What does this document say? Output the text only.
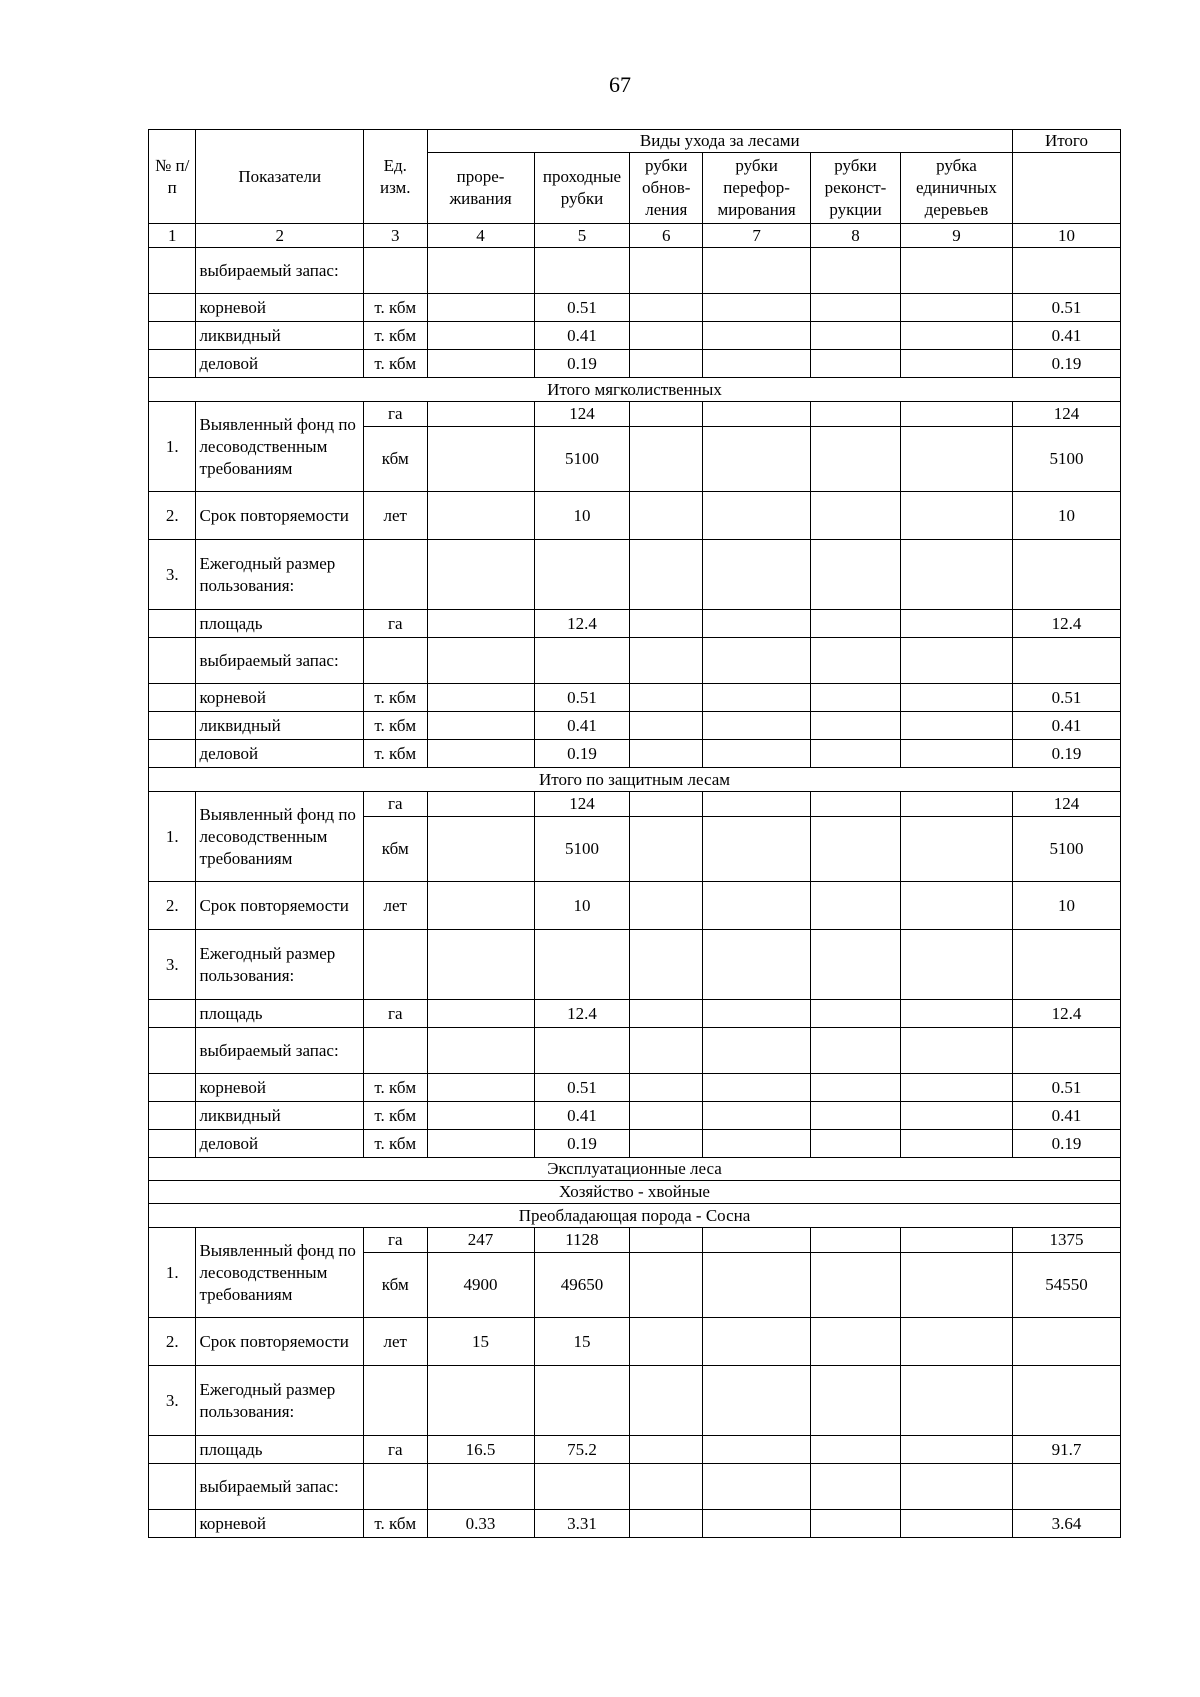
67
№ п/п	Показатели	Ед. изм.	Виды ухода за лесами						Итого
			проре- живания	проходные рубки	рубки обнов- ления	рубки перефор- мирования	рубки реконст- рукции	рубка единичных деревьев	
1	2	3	4	5	6	7	8	9	10
	выбираемый запас:								
	корневой	т. кбм		0.51					0.51
	ликвидный	т. кбм		0.41					0.41
	деловой	т. кбм		0.19					0.19
Итого мягколиственных									
1.	Выявленный фонд по лесоводственным требованиям	га		124					124
		кбм		5100					5100
2.	Срок повторяемости	лет		10					10
3.	Ежегодный размер пользования:								
	площадь	га		12.4					12.4
	выбираемый запас:								
	корневой	т. кбм		0.51					0.51
	ликвидный	т. кбм		0.41					0.41
	деловой	т. кбм		0.19					0.19
Итого по защитным лесам									
1.	Выявленный фонд по лесоводственным требованиям	га		124					124
		кбм		5100					5100
2.	Срок повторяемости	лет		10					10
3.	Ежегодный размер пользования:								
	площадь	га		12.4					12.4
	выбираемый запас:								
	корневой	т. кбм		0.51					0.51
	ликвидный	т. кбм		0.41					0.41
	деловой	т. кбм		0.19					0.19
Эксплуатационные леса									
Хозяйство - хвойные									
Преобладающая порода - Сосна									
1.	Выявленный фонд по лесоводственным требованиям	га	247	1128					1375
		кбм	4900	49650					54550
2.	Срок повторяемости	лет	15	15					
3.	Ежегодный размер пользования:								
	площадь	га	16.5	75.2					91.7
	выбираемый запас:								
	корневой	т. кбм	0.33	3.31					3.64
